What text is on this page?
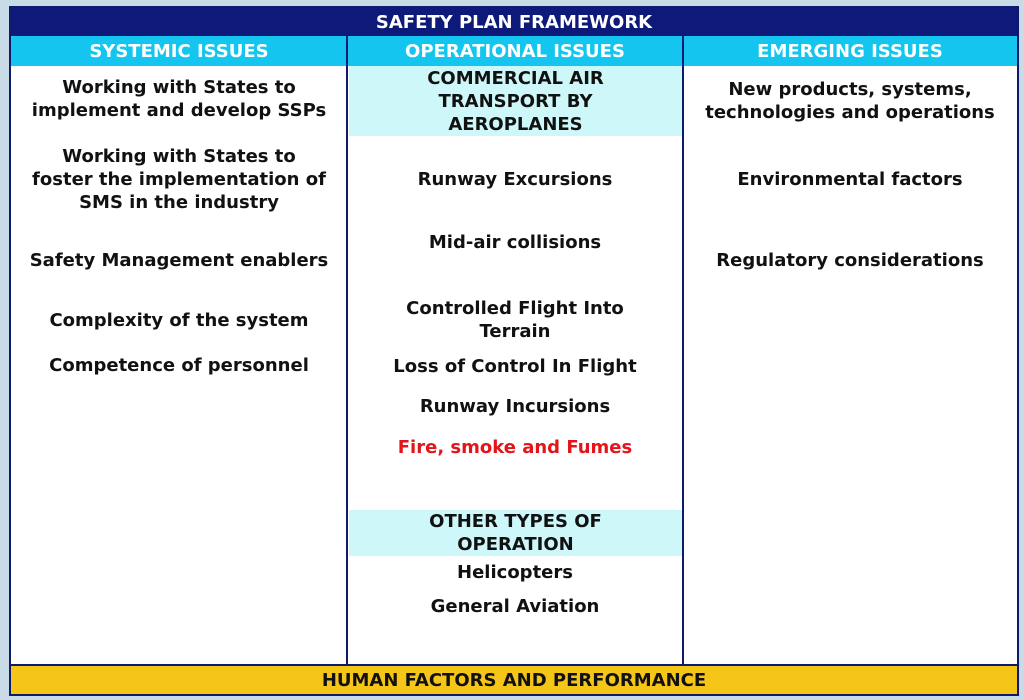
SAFETY PLAN FRAMEWORK
SYSTEMIC ISSUES	OPERATIONAL ISSUES	EMERGING ISSUES
Working with States to
implement and develop SSPs
Working with States to
foster the implementation of
SMS in the industry
Safety Management enablers
Complexity of the system
Competence of personnel
COMMERCIAL AIR
TRANSPORT BY
AEROPLANES
Runway Excursions
Mid-air collisions
Controlled Flight Into
Terrain
Loss of Control In Flight
Runway Incursions
Fire, smoke and Fumes
OTHER TYPES OF
OPERATION
Helicopters
General Aviation
New products, systems,
technologies and operations
Environmental factors
Regulatory considerations
HUMAN FACTORS AND PERFORMANCE
